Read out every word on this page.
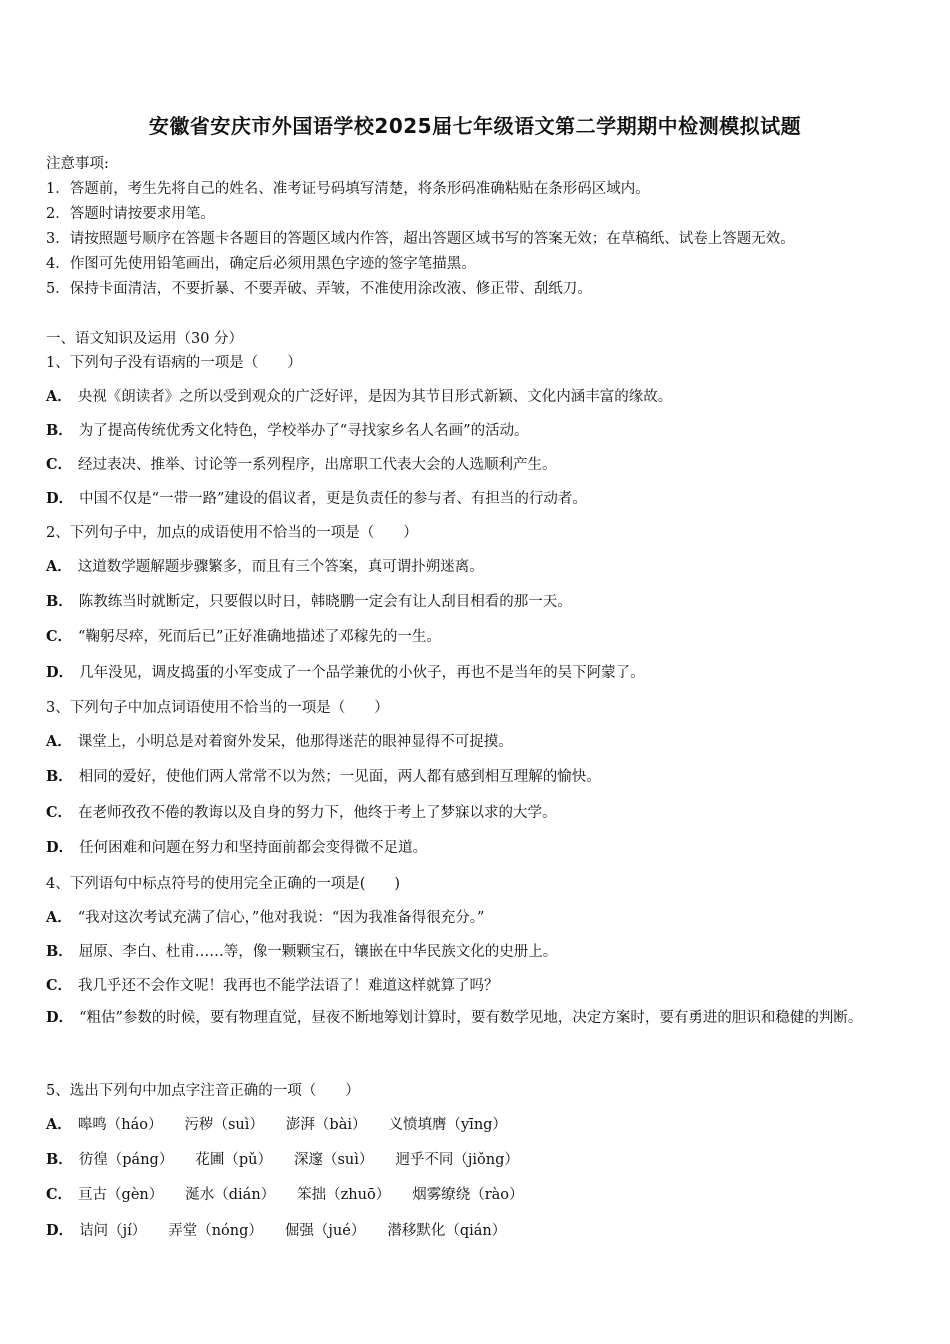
安徽省安庆市外国语学校2025届七年级语文第二学期期中检测模拟试题
注意事项:
1．答题前，考生先将自己的姓名、准考证号码填写清楚，将条形码准确粘贴在条形码区域内。
2．答题时请按要求用笔。
3．请按照题号顺序在答题卡各题目的答题区域内作答，超出答题区域书写的答案无效；在草稿纸、试卷上答题无效。
4．作图可先使用铅笔画出，确定后必须用黑色字迹的签字笔描黑。
5．保持卡面清洁，不要折暴、不要弄破、弄皱，不准使用涂改液、修正带、刮纸刀。
一、语文知识及运用（30 分）
1、下列句子没有语病的一项是（　　）
A． 央视《朗读者》之所以受到观众的广泛好评，是因为其节目形式新颖、文化内涵丰富的缘故。
B． 为了提高传统优秀文化特色，学校举办了“寻找家乡名人名画”的活动。
C． 经过表决、推举、讨论等一系列程序，出席职工代表大会的人选顺利产生。
D． 中国不仅是“一带一路”建设的倡议者，更是负责任的参与者、有担当的行动者。
2、下列句子中，加点的成语使用不恰当的一项是（　　）
A． 这道数学题解题步骤繁多，而且有三个答案，真可谓扑朔迷离。
B． 陈教练当时就断定，只要假以时日，韩晓鹏一定会有让人刮目相看的那一天。
C． “鞠躬尽瘁，死而后已”正好准确地描述了邓稼先的一生。
D． 几年没见，调皮捣蛋的小军变成了一个品学兼优的小伙子，再也不是当年的吴下阿蒙了。
3、下列句子中加点词语使用不恰当的一项是（　　）
A． 课堂上，小明总是对着窗外发呆，他那得迷茫的眼神显得不可捉摸。
B． 相同的爱好，使他们两人常常不以为然；一见面，两人都有感到相互理解的愉快。
C． 在老师孜孜不倦的教诲以及自身的努力下，他终于考上了梦寐以求的大学。
D． 任何困难和问题在努力和坚持面前都会变得微不足道。
4、下列语句中标点符号的使用完全正确的一项是(　　)
A． “我对这次考试充满了信心，”他对我说：“因为我准备得很充分。”
B． 屈原、李白、杜甫……等，像一颗颗宝石，镶嵌在中华民族文化的史册上。
C． 我几乎还不会作文呢！我再也不能学法语了！难道这样就算了吗？
D． “粗估”参数的时候，要有物理直觉，昼夜不断地筹划计算时，要有数学见地，决定方案时，要有勇进的胆识和稳健的判断。
5、选出下列句中加点字注音正确的一项（　　）
A． 嗥鸣（háo） 污秽（suì） 澎湃（bài） 义愤填膺（yīng）
B． 彷徨（páng） 花圃（pǔ） 深邃（suì） 迥乎不同（jiǒng）
C． 亘古（gèn） 涎水（dián） 笨拙（zhuō） 烟雾缭绕（rào）
D． 诘问（jí） 弄堂（nóng） 倔强（jué） 潜移默化（qián）
